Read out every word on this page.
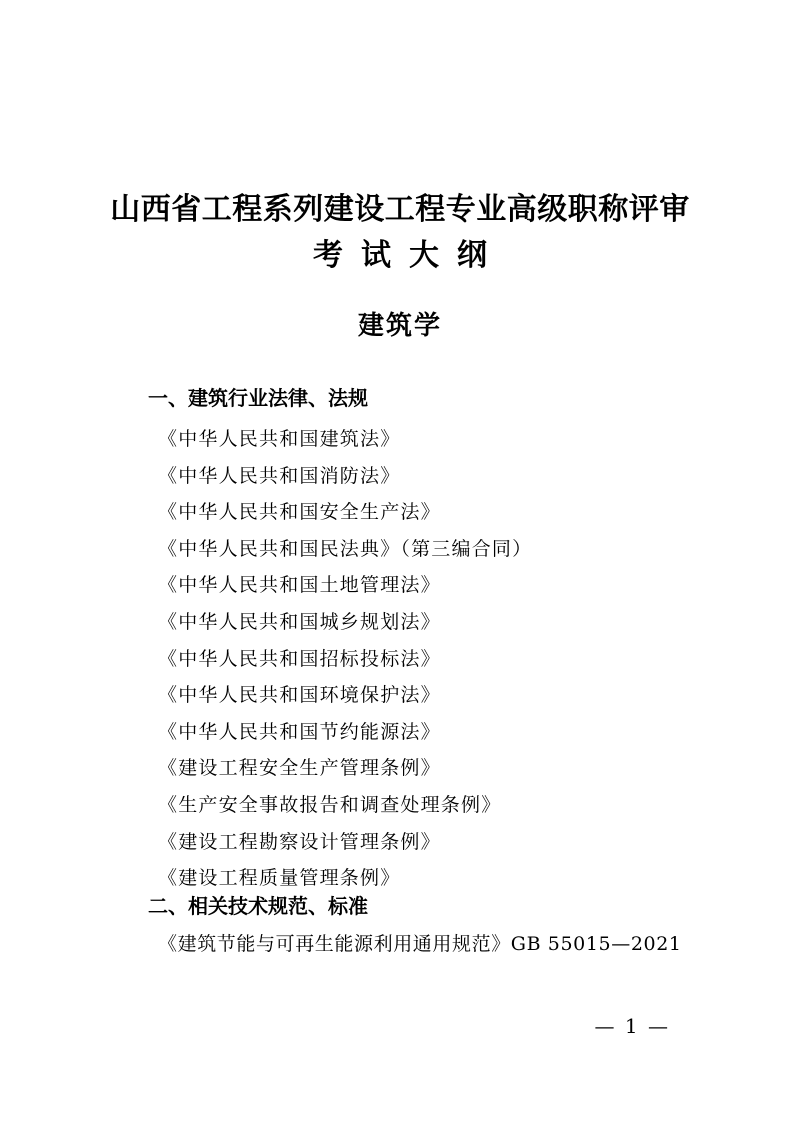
山西省工程系列建设工程专业高级职称评审
考试大纲
建筑学
一、建筑行业法律、法规
《中华人民共和国建筑法》
《中华人民共和国消防法》
《中华人民共和国安全生产法》
《中华人民共和国民法典》（第三编合同）
《中华人民共和国土地管理法》
《中华人民共和国城乡规划法》
《中华人民共和国招标投标法》
《中华人民共和国环境保护法》
《中华人民共和国节约能源法》
《建设工程安全生产管理条例》
《生产安全事故报告和调查处理条例》
《建设工程勘察设计管理条例》
《建设工程质量管理条例》
二、相关技术规范、标准
《建筑节能与可再生能源利用通用规范》GB 55015—2021
— 1 —
